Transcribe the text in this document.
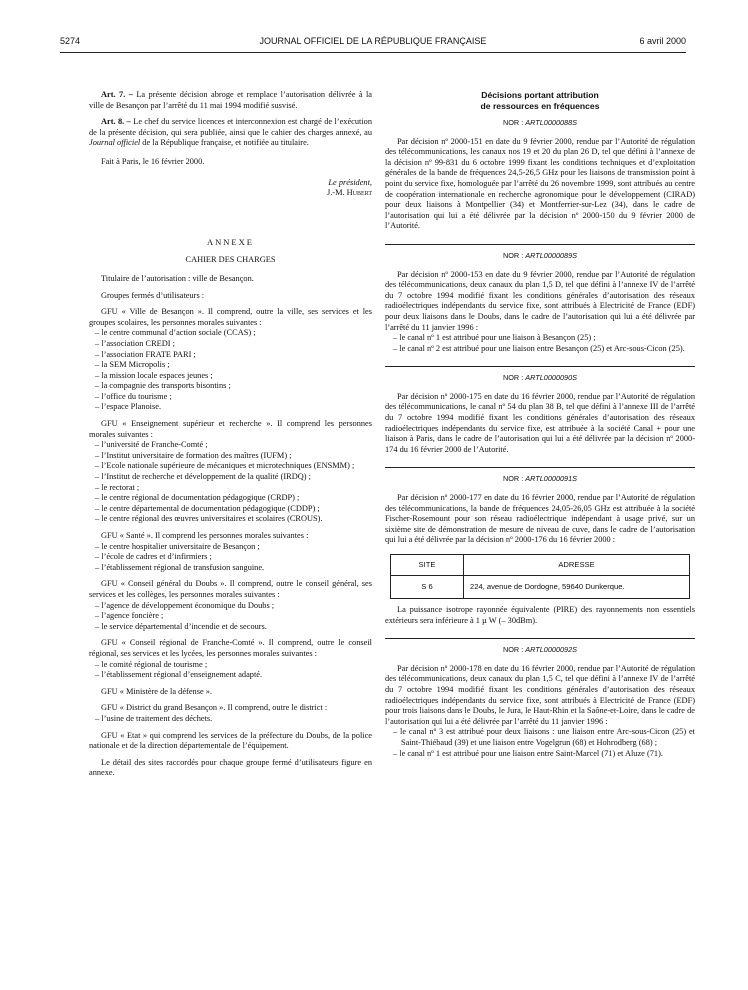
5274	JOURNAL OFFICIEL DE LA RÉPUBLIQUE FRANÇAISE	6 avril 2000

Art. 7. – La présente décision abroge et remplace l’autorisation délivrée à la ville de Besançon par l’arrêté du 11 mai 1994 modifié susvisé.

Art. 8. – Le chef du service licences et interconnexion est chargé de l’exécution de la présente décision, qui sera publiée, ainsi que le cahier des charges annexé, au Journal officiel de la République française, et notifiée au titulaire.

Fait à Paris, le 16 février 2000.

Le président,

J.-M. Hubert

ANNEXE

CAHIER DES CHARGES

Titulaire de l’autorisation : ville de Besançon.

Groupes fermés d’utilisateurs :

GFU « Ville de Besançon ». Il comprend, outre la ville, ses services et les groupes scolaires, les personnes morales suivantes :

– le centre communal d’action sociale (CCAS) ;

– l’association CREDI ;

– l’association FRATE PARI ;

– la SEM Micropolis ;

– la mission locale espaces jeunes ;

– la compagnie des transports bisontins ;

– l’office du tourisme ;

– l’espace Planoise.

GFU « Enseignement supérieur et recherche ». Il comprend les personnes morales suivantes :

– l’université de Franche-Comté ;

– l’Institut universitaire de formation des maîtres (IUFM) ;

– l’Ecole nationale supérieure de mécaniques et microtechniques (ENSMM) ;

– l’Institut de recherche et développement de la qualité (IRDQ) ;

– le rectorat ;

– le centre régional de documentation pédagogique (CRDP) ;

– le centre départemental de documentation pédagogique (CDDP) ;

– le centre régional des œuvres universitaires et scolaires (CROUS).

GFU « Santé ». Il comprend les personnes morales suivantes :

– le centre hospitalier universitaire de Besançon ;

– l’école de cadres et d’infirmiers ;

– l’établissement régional de transfusion sanguine.

GFU « Conseil général du Doubs ». Il comprend, outre le conseil général, ses services et les collèges, les personnes morales suivantes :

– l’agence de développement économique du Doubs ;

– l’agence foncière ;

– le service départemental d’incendie et de secours.

GFU « Conseil régional de Franche-Comté ». Il comprend, outre le conseil régional, ses services et les lycées, les personnes morales suivantes :

– le comité régional de tourisme ;

– l’établissement régional d’enseignement adapté.

GFU « Ministère de la défense ».

GFU « District du grand Besançon ». Il comprend, outre le district :

– l’usine de traitement des déchets.

GFU « Etat » qui comprend les services de la préfecture du Doubs, de la police nationale et de la direction départementale de l’équipement.

Le détail des sites raccordés pour chaque groupe fermé d’utilisateurs figure en annexe.

Décisions portant attribution

de ressources en fréquences

NOR : ARTL0000088S

Par décision nº 2000-151 en date du 9 février 2000, rendue par l’Autorité de régulation des télécommunications, les canaux nos 19 et 20 du plan 26 D, tel que défini à l’annexe de la décision nº 99-831 du 6 octobre 1999 fixant les conditions techniques et d’exploitation générales de la bande de fréquences 24,5-26,5 GHz pour les liaisons de transmission point à point du service fixe, homologuée par l’arrêté du 26 novembre 1999, sont attribués au centre de coopération internationale en recherche agronomique pour le développement (CIRAD) pour deux liaisons à Montpellier (34) et Montferrier-sur-Lez (34), dans le cadre de l’autorisation qui lui a été délivrée par la décision nº 2000-150 du 9 février 2000 de l’Autorité.

NOR : ARTL0000089S

Par décision nº 2000-153 en date du 9 février 2000, rendue par l’Autorité de régulation des télécommunications, deux canaux du plan 1,5 D, tel que défini à l’annexe IV de l’arrêté du 7 octobre 1994 modifié fixant les conditions générales d’autorisation des réseaux radioélectriques indépendants du service fixe, sont attribués à Electricité de France (EDF) pour deux liaisons dans le Doubs, dans le cadre de l’autorisation qui lui a été délivrée par l’arrêté du 11 janvier 1996 :

– le canal nº 1 est attribué pour une liaison à Besançon (25) ;

– le canal nº 2 est attribué pour une liaison entre Besançon (25) et Arc-sous-Cicon (25).

NOR : ARTL0000090S

Par décision nº 2000-175 en date du 16 février 2000, rendue par l’Autorité de régulation des télécommunications, le canal nº 54 du plan 38 B, tel que défini à l’annexe III de l’arrêté du 7 octobre 1994 modifié fixant les conditions générales d’autorisation des réseaux radioélectriques indépendants du service fixe, est attribuée à la société Canal + pour une liaison à Paris, dans le cadre de l’autorisation qui lui a été délivrée par la décision nº 2000-174 du 16 février 2000 de l’Autorité.

NOR : ARTL0000091S

Par décision nº 2000-177 en date du 16 février 2000, rendue par l’Autorité de régulation des télécommunications, la bande de fréquences 24,05-26,05 GHz est attribuée à la société Fischer-Rosemount pour son réseau radioélectrique indépendant à usage privé, sur un sixième site de démonstration de mesure de niveau de cuve, dans le cadre de l’autorisation qui lui a été délivrée par la décision nº 2000-176 du 16 février 2000 :

SITE	ADRESSE
S 6	224, avenue de Dordogne, 59640 Dunkerque.

La puissance isotrope rayonnée équivalente (PIRE) des rayonnements non essentiels extérieurs sera inférieure à 1 µ W (– 30dBm).

NOR : ARTL0000092S

Par décision nº 2000-178 en date du 16 février 2000, rendue par l’Autorité de régulation des télécommunications, deux canaux du plan 1,5 C, tel que défini à l’annexe IV de l’arrêté du 7 octobre 1994 modifié fixant les conditions générales d’autorisation des réseaux radioélectriques indépendants du service fixe, sont attribués à Electricité de France (EDF) pour trois liaisons dans le Doubs, le Jura, le Haut-Rhin et la Saône-et-Loire, dans le cadre de l’autorisation qui lui a été délivrée par l’arrêté du 11 janvier 1996 :

– le canal nº 3 est attribué pour deux liaisons : une liaison entre Arc-sous-Cicon (25) et Saint-Thiébaud (39) et une liaison entre Vogelgrun (68) et Hohrodberg (68) ;

– le canal nº 1 est attribué pour une liaison entre Saint-Marcel (71) et Aluze (71).
